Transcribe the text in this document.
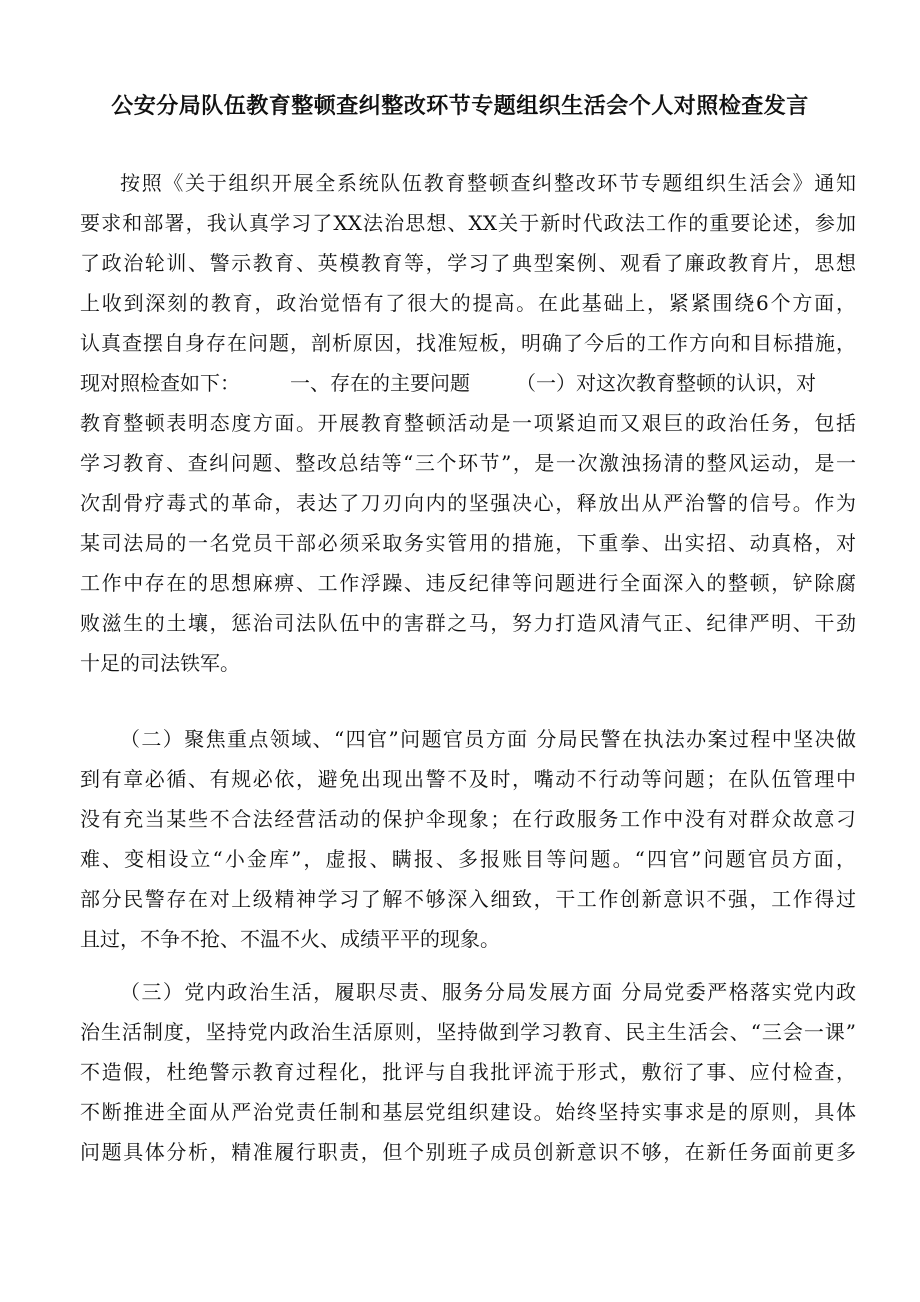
公安分局队伍教育整顿查纠整改环节专题组织生活会个人对照检查发言
按照《关于组织开展全系统队伍教育整顿查纠整改环节专题组织生活会》通知
要求和部署，我认真学习了XX法治思想、XX关于新时代政法工作的重要论述，参加
了政治轮训、警示教育、英模教育等，学习了典型案例、观看了廉政教育片，思想
上收到深刻的教育，政治觉悟有了很大的提高。在此基础上，紧紧围绕6个方面，
认真查摆自身存在问题，剖析原因，找准短板，明确了今后的工作方向和目标措施，
现对照检查如下：	一、存在的主要问题 （一）对这次教育整顿的认识，对
教育整顿表明态度方面。开展教育整顿活动是一项紧迫而又艰巨的政治任务，包括
学习教育、查纠问题、整改总结等“三个环节”，是一次激浊扬清的整风运动，是一
次刮骨疗毒式的革命，表达了刀刃向内的坚强决心，释放出从严治警的信号。作为
某司法局的一名党员干部必须采取务实管用的措施，下重拳、出实招、动真格，对
工作中存在的思想麻痹、工作浮躁、违反纪律等问题进行全面深入的整顿，铲除腐
败滋生的土壤，惩治司法队伍中的害群之马，努力打造风清气正、纪律严明、干劲
十足的司法铁军。
（二）聚焦重点领域、“四官”问题官员方面 分局民警在执法办案过程中坚决做
到有章必循、有规必依，避免出现出警不及时，嘴动不行动等问题；在队伍管理中
没有充当某些不合法经营活动的保护伞现象；在行政服务工作中没有对群众故意刁
难、变相设立“小金库”，虚报、瞒报、多报账目等问题。“四官”问题官员方面，
部分民警存在对上级精神学习了解不够深入细致，干工作创新意识不强，工作得过
且过，不争不抢、不温不火、成绩平平的现象。
（三）党内政治生活，履职尽责、服务分局发展方面 分局党委严格落实党内政
治生活制度，坚持党内政治生活原则，坚持做到学习教育、民主生活会、“三会一课”
不造假，杜绝警示教育过程化，批评与自我批评流于形式，敷衍了事、应付检查，
不断推进全面从严治党责任制和基层党组织建设。始终坚持实事求是的原则，具体
问题具体分析，精准履行职责，但个别班子成员创新意识不够，在新任务面前更多
